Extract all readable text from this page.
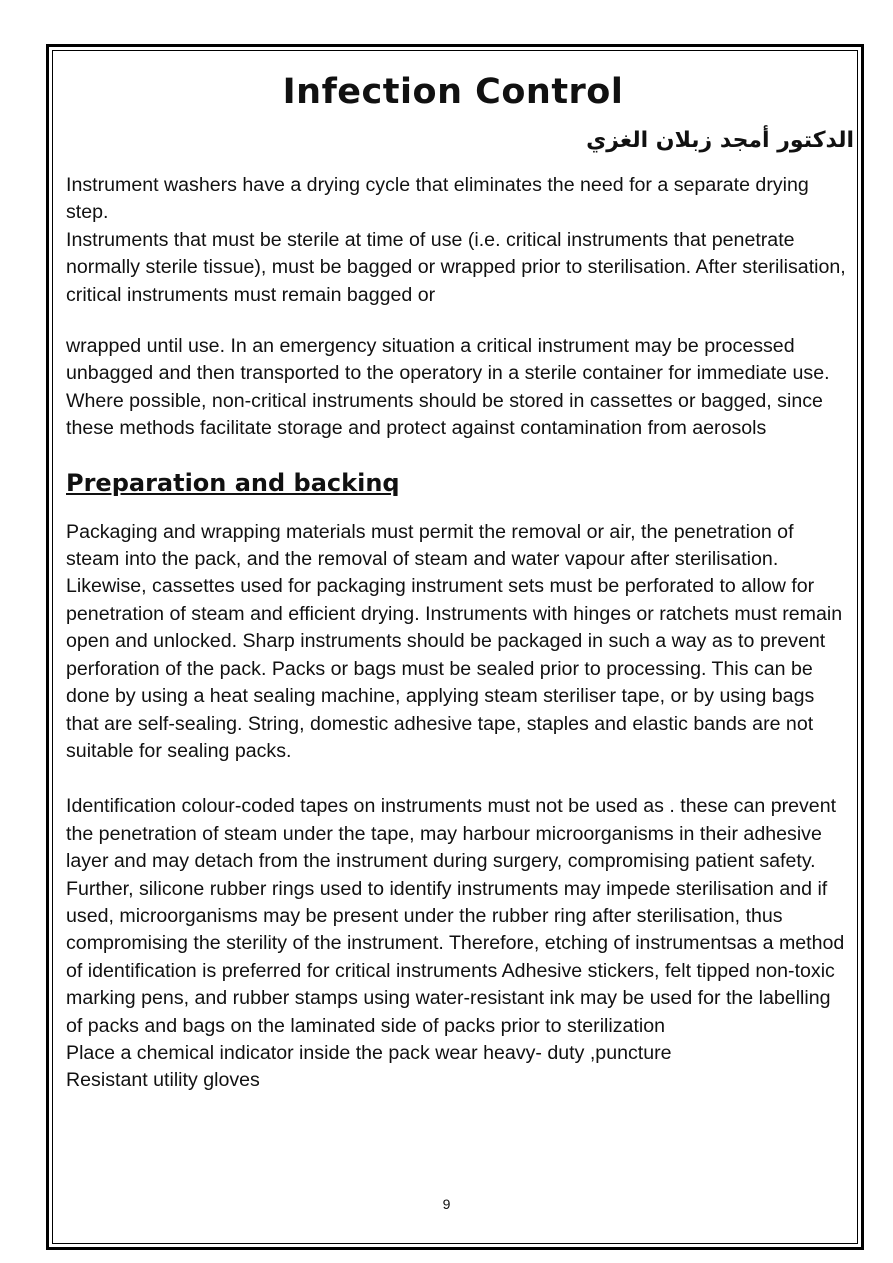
Infection Control
الدكتور أمجد زبلان الغزي

Instrument washers have a drying cycle that eliminates the need for a separate drying step.

Instruments that must be sterile at time of use (i.e. critical instruments that penetrate normally sterile tissue), must be bagged or wrapped prior to sterilisation. After sterilisation, critical instruments must remain bagged or

wrapped until use. In an emergency situation a critical instrument may be processed unbagged and then transported to the operatory in a sterile container for immediate use. Where possible, non-critical instruments should be stored in cassettes or bagged, since these methods facilitate storage and protect against contamination from aerosols

Preparation and backinq

Packaging and wrapping materials must permit the removal or air, the penetration of steam into the pack, and the removal of steam and water vapour after sterilisation. Likewise, cassettes used for packaging instrument sets must be perforated to allow for penetration of steam and efficient drying. Instruments with hinges or ratchets must remain open and unlocked. Sharp instruments should be packaged in such a way as to prevent perforation of the pack. Packs or bags must be sealed prior to processing. This can be done by using a heat sealing machine, applying steam steriliser tape, or by using bags that are self-sealing. String, domestic adhesive tape, staples and elastic bands are not suitable for sealing packs.

Identification colour-coded tapes on instruments must not be used as . these can prevent the penetration of steam under the tape, may harbour microorganisms in their adhesive layer and may detach from the instrument during surgery, compromising patient safety. Further, silicone rubber rings used to identify instruments may impede sterilisation and if used, microorganisms may be present under the rubber ring after sterilisation, thus compromising the sterility of the instrument. Therefore, etching of instrumentsas a method of identification is preferred for critical instruments Adhesive stickers, felt tipped non-toxic marking pens, and rubber stamps using water-resistant ink may be used for the labelling of packs and bags on the laminated side of packs prior to sterilization

Place a chemical indicator inside the pack wear heavy- duty ,puncture

Resistant utility gloves

9
